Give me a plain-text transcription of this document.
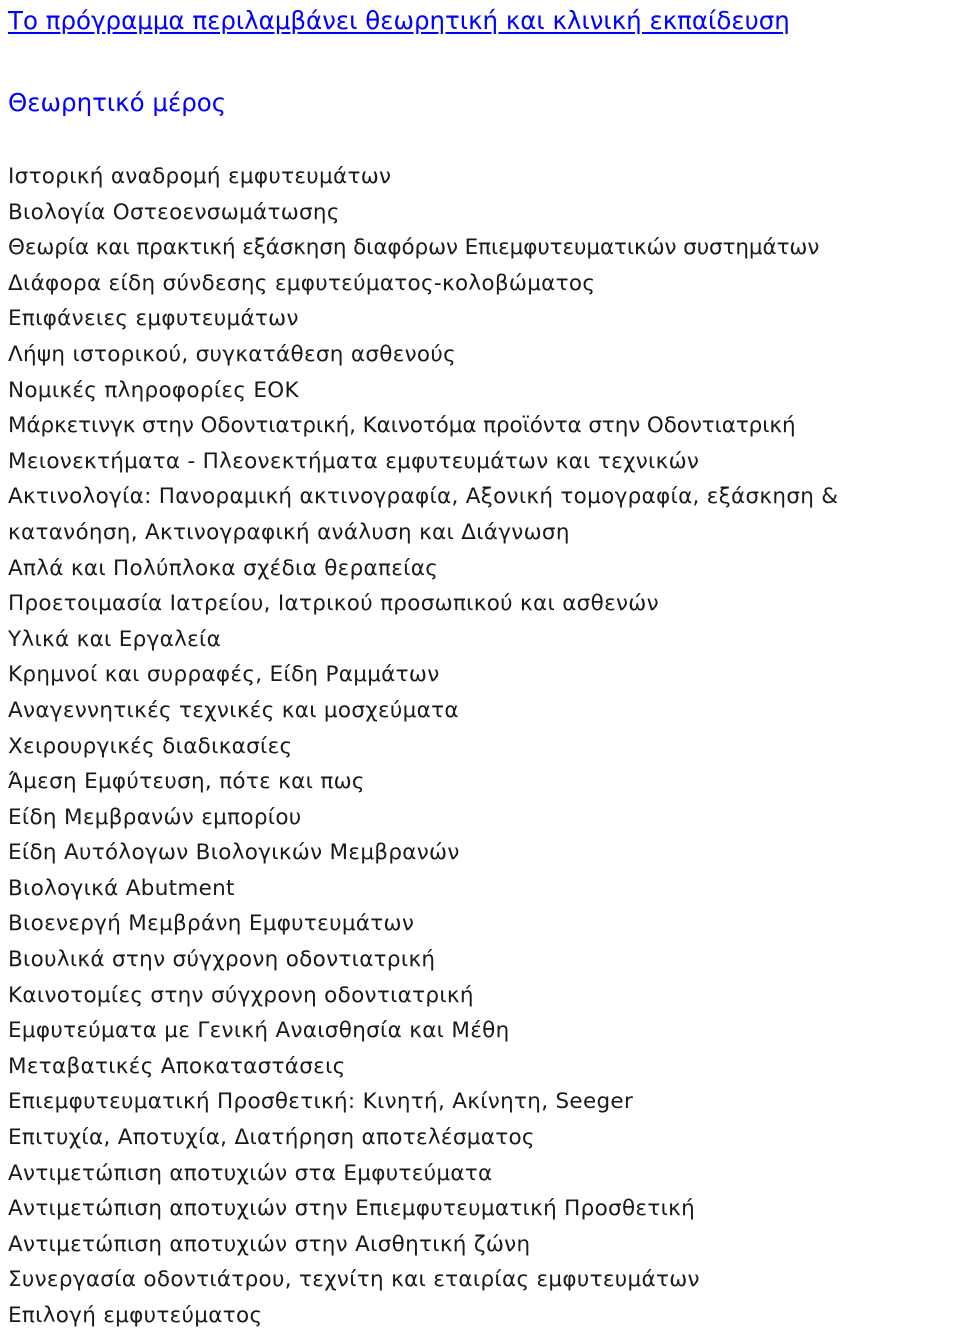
Το πρόγραμμα περιλαμβάνει θεωρητική και κλινική εκπαίδευση
Θεωρητικό μέρος
Ιστορική αναδρομή εμφυτευμάτων
Βιολογία Οστεοενσωμάτωσης
Θεωρία και πρακτική εξάσκηση διαφόρων Επιεμφυτευματικών συστημάτων
Διάφορα είδη σύνδεσης εμφυτεύματος-κολοβώματος
Επιφάνειες εμφυτευμάτων
Λήψη ιστορικού, συγκατάθεση ασθενούς
Νομικές πληροφορίες ΕΟΚ
Μάρκετινγκ στην Οδοντιατρική, Καινοτόμα προϊόντα στην Οδοντιατρική
Μειονεκτήματα - Πλεονεκτήματα εμφυτευμάτων και τεχνικών
Ακτινολογία: Πανοραμική ακτινογραφία, Αξονική τομογραφία, εξάσκηση & κατανόηση, Ακτινογραφική ανάλυση και Διάγνωση
Απλά και Πολύπλοκα σχέδια θεραπείας
Προετοιμασία Ιατρείου, Ιατρικού προσωπικού και ασθενών
Υλικά και Εργαλεία
Κρημνοί και συρραφές, Είδη Ραμμάτων
Αναγεννητικές τεχνικές και μοσχεύματα
Χειρουργικές διαδικασίες
Άμεση Εμφύτευση, πότε και πως
Είδη Μεμβρανών εμπορίου
Είδη Αυτόλογων Βιολογικών Μεμβρανών
Βιολογικά Abutment
Βιοενεργή Μεμβράνη Εμφυτευμάτων
Βιουλικά στην σύγχρονη οδοντιατρική
Καινοτομίες στην σύγχρονη οδοντιατρική
Εμφυτεύματα με Γενική Αναισθησία και Μέθη
Μεταβατικές Αποκαταστάσεις
Επιεμφυτευματική Προσθετική: Κινητή, Ακίνητη, Seeger
Επιτυχία, Αποτυχία, Διατήρηση αποτελέσματος
Αντιμετώπιση αποτυχιών στα Εμφυτεύματα
Αντιμετώπιση αποτυχιών στην Επιεμφυτευματική Προσθετική
Αντιμετώπιση αποτυχιών στην Αισθητική ζώνη
Συνεργασία οδοντιάτρου, τεχνίτη και εταιρίας εμφυτευμάτων
Επιλογή εμφυτεύματος
